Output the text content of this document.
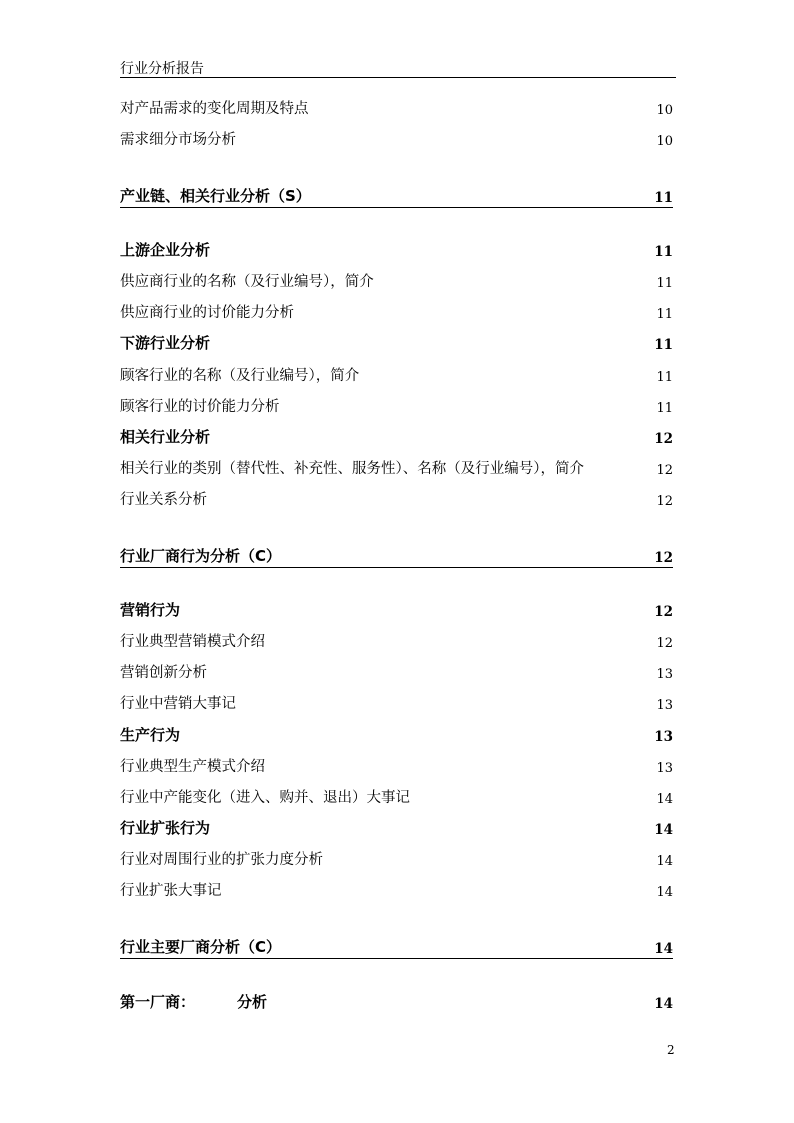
行业分析报告
对产品需求的变化周期及特点	10
需求细分市场分析	10
产业链、相关行业分析（S）	11
上游企业分析	11
供应商行业的名称（及行业编号），简介	11
供应商行业的讨价能力分析	11
下游行业分析	11
顾客行业的名称（及行业编号），简介	11
顾客行业的讨价能力分析	11
相关行业分析	12
相关行业的类别（替代性、补充性、服务性）、名称（及行业编号），简介	12
行业关系分析	12
行业厂商行为分析（C）	12
营销行为	12
行业典型营销模式介绍	12
营销创新分析	13
行业中营销大事记	13
生产行为	13
行业典型生产模式介绍	13
行业中产能变化（进入、购并、退出）大事记	14
行业扩张行为	14
行业对周围行业的扩张力度分析	14
行业扩张大事记	14
行业主要厂商分析（C）	14
第一厂商：	分析	14
2
